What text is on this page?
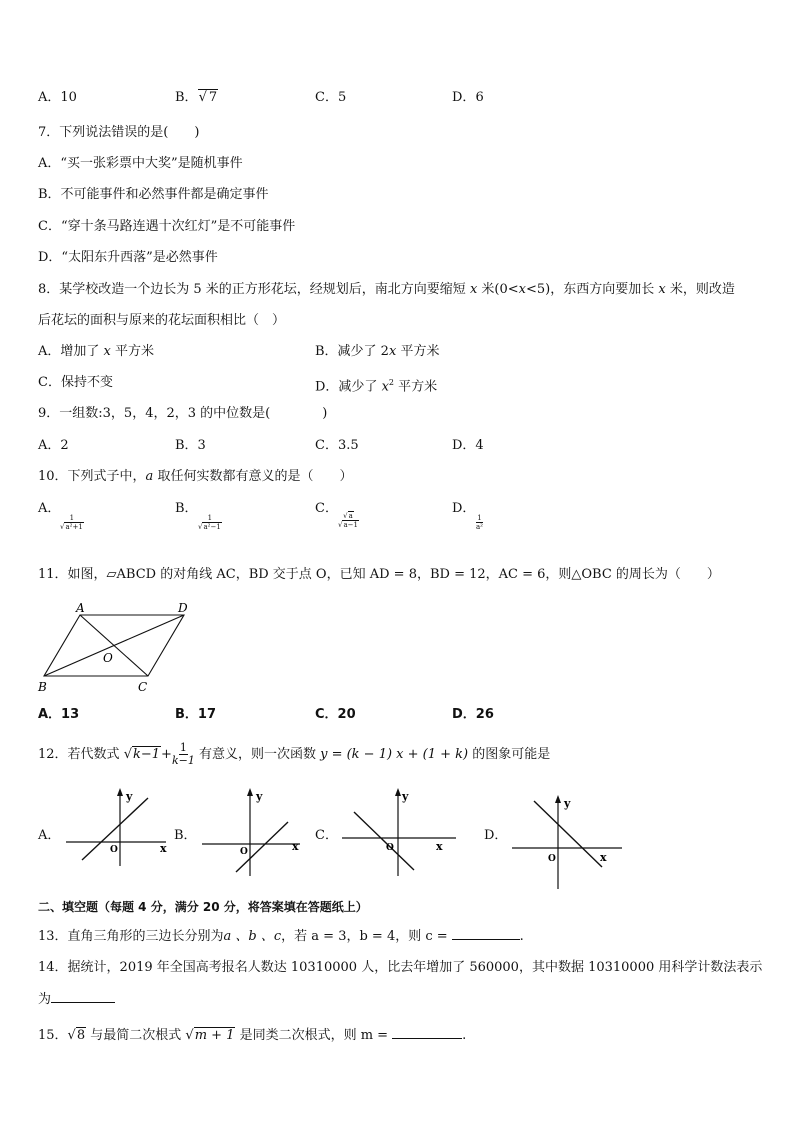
A．10	B．√ 7	C．5	D．6
7．下列说法错误的是(　　)
A．“买一张彩票中大奖”是随机事件
B．不可能事件和必然事件都是确定事件
C．“穿十条马路连遇十次红灯”是不可能事件
D．“太阳东升西落”是必然事件
8．某学校改造一个边长为 5 米的正方形花坛，经规划后，南北方向要缩短 x 米(0<x<5)，东西方向要加长 x 米，则改造
后花坛的面积与原来的花坛面积相比（　）
A．增加了 x 平方米	B．减少了 2x 平方米
C．保持不变	D．减少了 $x^2$ 平方米
9．一组数:3，5，4，2，3 的中位数是(　　　　)
A．2	B．3	C．3.5	D．4
10．下列式子中，a 取任何实数都有意义的是（　　）
A．	B．	C．	D．
$\frac{1}{\text{√a²+1}}$	$\frac{1}{\text{√a²−1}}$	$\frac{√a}{√a-1}$	$\frac{1}{\text{a²}}$
11．如图，▱ABCD 的对角线 AC，BD 交于点 O，已知 AD = 8，BD = 12，AC = 6，则△OBC 的周长为（　　）
A	D
B	C
O
A．13	B．17	C．20	D．26
12．若代数式 $√k-1+ \frac{1}{k-1}$ 有意义，则一次函数 y = (k − 1) x + (1 + k) 的图象可能是
A．	B．	C．	D．
y
x
O
y
x
O
y
x
O
y
x
O
二、填空题（每题 4 分，满分 20 分，将答案填在答题纸上）
13．直角三角形的三边长分别为a 、b 、c，若 a = 3，b = 4，则 c =	.
14．据统计，2019 年全国高考报名人数达 10310000 人，比去年增加了 560000，其中数据 10310000 用科学计数法表示
为
15．√8 与最简二次根式 √m + 1 是同类二次根式，则 m =	.
